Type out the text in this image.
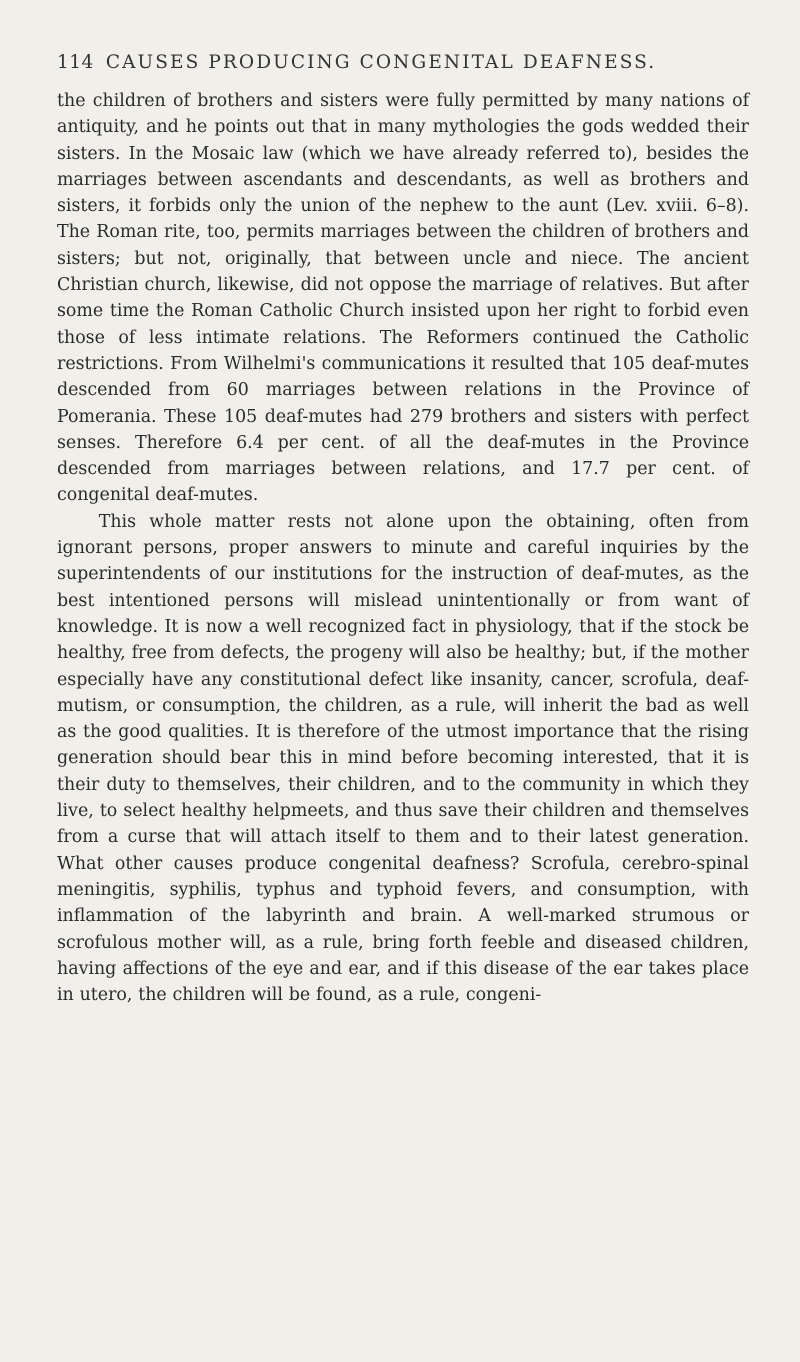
114 CAUSES PRODUCING CONGENITAL DEAFNESS.

the children of brothers and sisters were fully permitted by many nations of antiquity, and he points out that in many mythologies the gods wedded their sisters. In the Mosaic law (which we have already referred to), besides the marriages between ascendants and descendants, as well as brothers and sisters, it forbids only the union of the nephew to the aunt (Lev. xviii. 6–8). The Roman rite, too, permits marriages between the children of brothers and sisters; but not, originally, that between uncle and niece. The ancient Christian church, likewise, did not oppose the marriage of relatives. But after some time the Roman Catholic Church insisted upon her right to forbid even those of less intimate relations. The Reformers continued the Catholic restrictions. From Wilhelmi's communications it resulted that 105 deaf-mutes descended from 60 marriages between relations in the Province of Pomerania. These 105 deaf-mutes had 279 brothers and sisters with perfect senses. Therefore 6.4 per cent. of all the deaf-mutes in the Province descended from marriages between relations, and 17.7 per cent. of congenital deaf-mutes.

This whole matter rests not alone upon the obtaining, often from ignorant persons, proper answers to minute and careful inquiries by the superintendents of our institutions for the instruction of deaf-mutes, as the best intentioned persons will mislead unintentionally or from want of knowledge. It is now a well recognized fact in physiology, that if the stock be healthy, free from defects, the progeny will also be healthy; but, if the mother especially have any constitutional defect like insanity, cancer, scrofula, deaf-mutism, or consumption, the children, as a rule, will inherit the bad as well as the good qualities. It is therefore of the utmost importance that the rising generation should bear this in mind before becoming interested, that it is their duty to themselves, their children, and to the community in which they live, to select healthy helpmeets, and thus save their children and themselves from a curse that will attach itself to them and to their latest generation. What other causes produce congenital deafness? Scrofula, cerebro-spinal meningitis, syphilis, typhus and typhoid fevers, and consumption, with inflammation of the labyrinth and brain. A well-marked strumous or scrofulous mother will, as a rule, bring forth feeble and diseased children, having affections of the eye and ear, and if this disease of the ear takes place in utero, the children will be found, as a rule, congeni-
